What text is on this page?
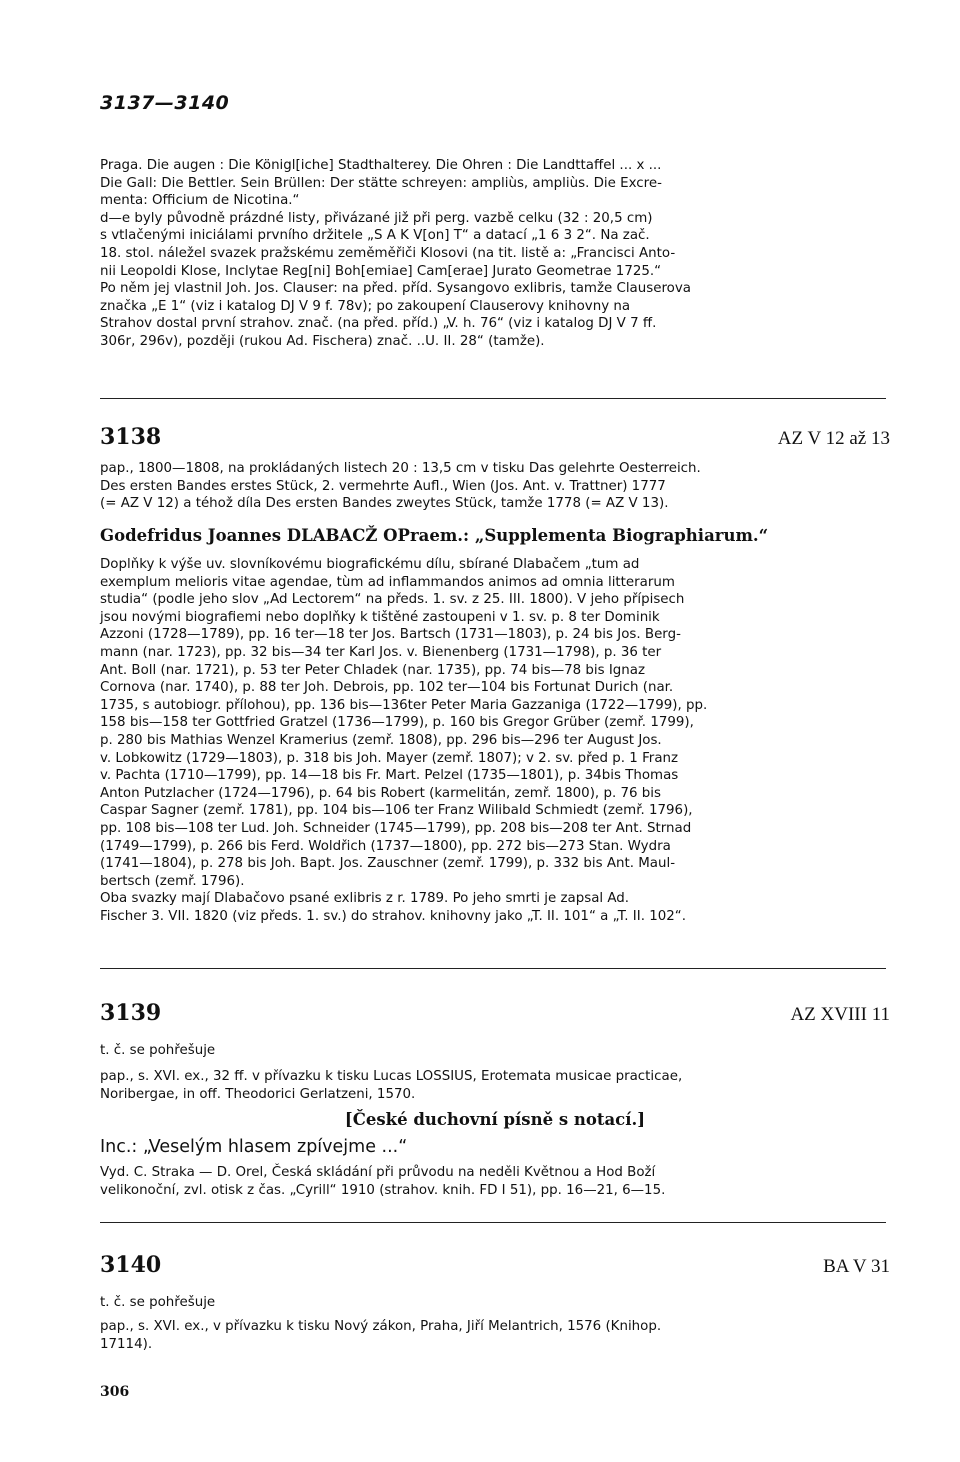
3137—3140
Praga. Die augen : Die Königl[iche] Stadthalterey. Die Ohren : Die Landttaffel ... x ...
Die Gall: Die Bettler. Sein Brüllen: Der stätte schreyen: ampliùs, ampliùs. Die Excre-
menta: Officium de Nicotina.“
d—e byly původně prázdné listy, přivázané již při perg. vazbě celku (32 : 20,5 cm)
s vtlačenými iniciálami prvního držitele „S A K V[on] T“ a datací „1 6 3 2“. Na zač.
18. stol. náležel svazek pražskému zeměměřiči Klosovi (na tit. listě a: „Francisci Anto-
nii Leopoldi Klose, Inclytae Reg[ni] Boh[emiae] Cam[erae] Jurato Geometrae 1725.“
Po něm jej vlastnil Joh. Jos. Clauser: na před. příd. Sysangovo exlibris, tamže Clauserova
značka „E 1“ (viz i katalog DJ V 9 f. 78v); po zakoupení Clauserovy knihovny na
Strahov dostal první strahov. znač. (na před. příd.) „V. h. 76“ (viz i katalog DJ V 7 ff.
306r, 296v), později (rukou Ad. Fischera) znač. ..U. II. 28“ (tamže).
3138	AZ V 12 až 13
pap., 1800—1808, na prokládaných listech 20 : 13,5 cm v tisku Das gelehrte Oesterreich.
Des ersten Bandes erstes Stück, 2. vermehrte Aufl., Wien (Jos. Ant. v. Trattner) 1777
(= AZ V 12) a téhož díla Des ersten Bandes zweytes Stück, tamže 1778 (= AZ V 13).
Godefridus Joannes DLABACŽ OPraem.: „Supplementa Biographiarum.“
Doplňky k výše uv. slovníkovému biografickému dílu, sbírané Dlabačem „tum ad
exemplum melioris vitae agendae, tùm ad inflammandos animos ad omnia litterarum
studia“ (podle jeho slov „Ad Lectorem“ na předs. 1. sv. z 25. III. 1800). V jeho přípisech
jsou novými biografiemi nebo doplňky k tištěné zastoupeni v 1. sv. p. 8 ter Dominik
Azzoni (1728—1789), pp. 16 ter—18 ter Jos. Bartsch (1731—1803), p. 24 bis Jos. Berg-
mann (nar. 1723), pp. 32 bis—34 ter Karl Jos. v. Bienenberg (1731—1798), p. 36 ter
Ant. Boll (nar. 1721), p. 53 ter Peter Chladek (nar. 1735), pp. 74 bis—78 bis Ignaz
Cornova (nar. 1740), p. 88 ter Joh. Debrois, pp. 102 ter—104 bis Fortunat Durich (nar.
1735, s autobiogr. přílohou), pp. 136 bis—136ter Peter Maria Gazzaniga (1722—1799), pp.
158 bis—158 ter Gottfried Gratzel (1736—1799), p. 160 bis Gregor Grüber (zemř. 1799),
p. 280 bis Mathias Wenzel Kramerius (zemř. 1808), pp. 296 bis—296 ter August Jos.
v. Lobkowitz (1729—1803), p. 318 bis Joh. Mayer (zemř. 1807); v 2. sv. před p. 1 Franz
v. Pachta (1710—1799), pp. 14—18 bis Fr. Mart. Pelzel (1735—1801), p. 34bis Thomas
Anton Putzlacher (1724—1796), p. 64 bis Robert (karmelitán, zemř. 1800), p. 76 bis
Caspar Sagner (zemř. 1781), pp. 104 bis—106 ter Franz Wilibald Schmiedt (zemř. 1796),
pp. 108 bis—108 ter Lud. Joh. Schneider (1745—1799), pp. 208 bis—208 ter Ant. Strnad
(1749—1799), p. 266 bis Ferd. Woldřich (1737—1800), pp. 272 bis—273 Stan. Wydra
(1741—1804), p. 278 bis Joh. Bapt. Jos. Zauschner (zemř. 1799), p. 332 bis Ant. Maul-
bertsch (zemř. 1796).
Oba svazky mají Dlabačovo psané exlibris z r. 1789. Po jeho smrti je zapsal Ad.
Fischer 3. VII. 1820 (viz předs. 1. sv.) do strahov. knihovny jako „T. II. 101“ a „T. II. 102“.
3139	AZ XVIII 11
t. č. se pohřešuje
pap., s. XVI. ex., 32 ff. v přívazku k tisku Lucas LOSSIUS, Erotemata musicae practicae,
Noribergae, in off. Theodorici Gerlatzeni, 1570.
[České duchovní písně s notací.]
Inc.: „Veselým hlasem zpívejme ...“
Vyd. C. Straka — D. Orel, Česká skládání při průvodu na neděli Květnou a Hod Boží
velikonoční, zvl. otisk z čas. „Cyrill“ 1910 (strahov. knih. FD I 51), pp. 16—21, 6—15.
3140	BA V 31
t. č. se pohřešuje
pap., s. XVI. ex., v přívazku k tisku Nový zákon, Praha, Jiří Melantrich, 1576 (Knihop.
17114).
306
